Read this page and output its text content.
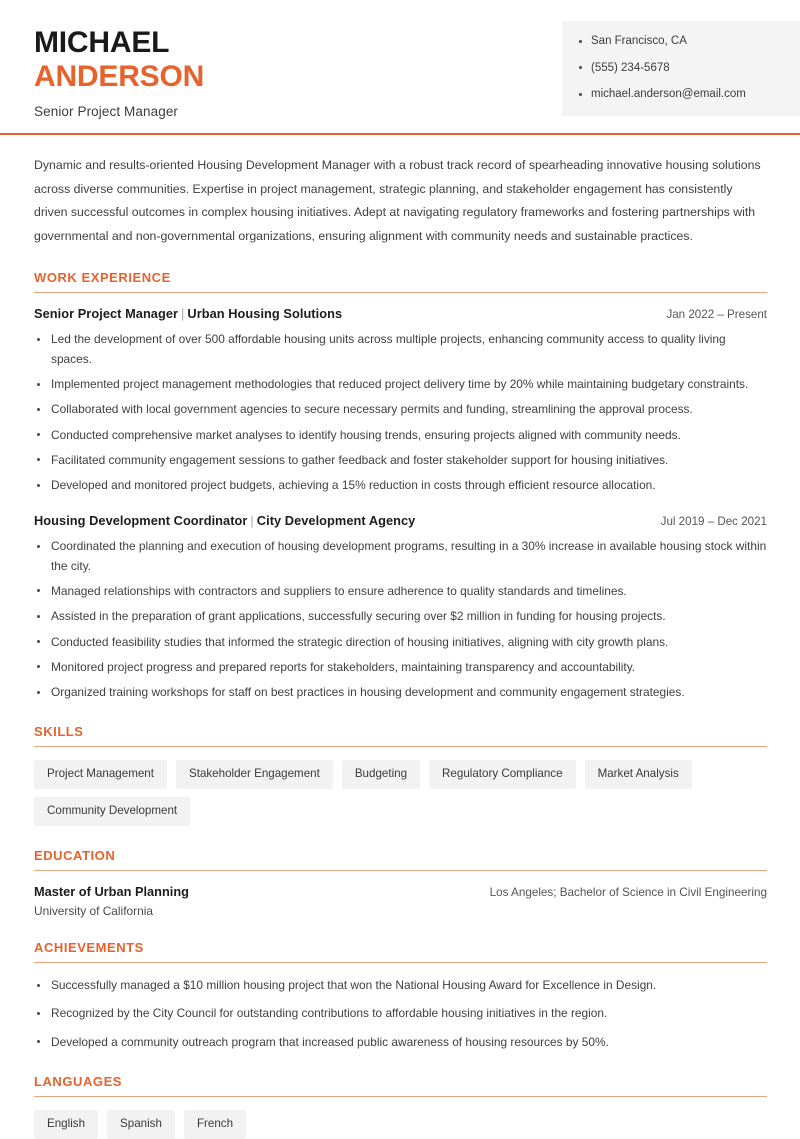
MICHAEL
ANDERSON
Senior Project Manager
San Francisco, CA
(555) 234-5678
michael.anderson@email.com

Dynamic and results-oriented Housing Development Manager with a robust track record of spearheading innovative housing solutions across diverse communities. Expertise in project management, strategic planning, and stakeholder engagement has consistently driven successful outcomes in complex housing initiatives. Adept at navigating regulatory frameworks and fostering partnerships with governmental and non-governmental organizations, ensuring alignment with community needs and sustainable practices.

WORK EXPERIENCE
Senior Project Manager | Urban Housing Solutions	Jan 2022 – Present
Led the development of over 500 affordable housing units across multiple projects, enhancing community access to quality living spaces.
Implemented project management methodologies that reduced project delivery time by 20% while maintaining budgetary constraints.
Collaborated with local government agencies to secure necessary permits and funding, streamlining the approval process.
Conducted comprehensive market analyses to identify housing trends, ensuring projects aligned with community needs.
Facilitated community engagement sessions to gather feedback and foster stakeholder support for housing initiatives.
Developed and monitored project budgets, achieving a 15% reduction in costs through efficient resource allocation.
Housing Development Coordinator | City Development Agency	Jul 2019 – Dec 2021
Coordinated the planning and execution of housing development programs, resulting in a 30% increase in available housing stock within the city.
Managed relationships with contractors and suppliers to ensure adherence to quality standards and timelines.
Assisted in the preparation of grant applications, successfully securing over $2 million in funding for housing projects.
Conducted feasibility studies that informed the strategic direction of housing initiatives, aligning with city growth plans.
Monitored project progress and prepared reports for stakeholders, maintaining transparency and accountability.
Organized training workshops for staff on best practices in housing development and community engagement strategies.
SKILLS
Project Management	Stakeholder Engagement	Budgeting	Regulatory Compliance	Market Analysis
Community Development
EDUCATION
Master of Urban Planning	Los Angeles; Bachelor of Science in Civil Engineering
University of California
ACHIEVEMENTS
Successfully managed a $10 million housing project that won the National Housing Award for Excellence in Design.
Recognized by the City Council for outstanding contributions to affordable housing initiatives in the region.
Developed a community outreach program that increased public awareness of housing resources by 50%.
LANGUAGES
English	Spanish	French
